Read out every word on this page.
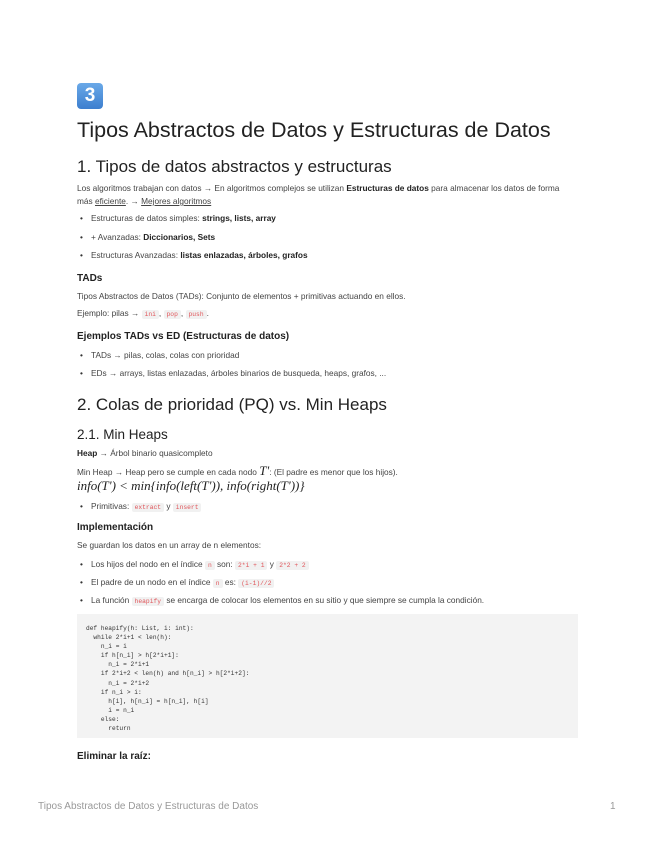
3
Tipos Abstractos de Datos y Estructuras de Datos
1. Tipos de datos abstractos y estructuras
Los algoritmos trabajan con datos → En algoritmos complejos se utilizan Estructuras de datos para almacenar los datos de forma
más eficiente. → Mejores algoritmos
• Estructuras de datos simples: strings, lists, array
• + Avanzadas: Diccionarios, Sets
• Estructuras Avanzadas: listas enlazadas, árboles, grafos
TADs
Tipos Abstractos de Datos (TADs): Conjunto de elementos + primitivas actuando en ellos.
Ejemplo: pilas → ini , pop , push .
Ejemplos TADs vs ED (Estructuras de datos)
• TADs → pilas, colas, colas con prioridad
• EDs → arrays, listas enlazadas, árboles binarios de busqueda, heaps, grafos, ...
2. Colas de prioridad (PQ) vs. Min Heaps
2.1. Min Heaps
Heap → Árbol binario quasicompleto
Min Heap → Heap pero se cumple en cada nodo T': (El padre es menor que los hijos).
info(T') < min{info(left(T')), info(right(T'))}
• Primitivas: extract y insert
Implementación
Se guardan los datos en un array de n elementos:
• Los hijos del nodo en el índice n son: 2*i + 1 y 2*2 + 2
• El padre de un nodo en el índice n es: (i-1)//2
• La función heapify se encarga de colocar los elementos en su sitio y que siempre se cumpla la condición.
def heapify(h: List, i: int):
while 2*i+1 < len(h):
n_i = i
if h[n_i] > h[2*i+1]:
n_i = 2*i+1
if 2*i+2 < len(h) and h[n_i] > h[2*i+2]:
n_i = 2*i+2
if n_i > i:
h[i], h[n_i] = h[n_i], h[i]
i = n_i
else:
return
Eliminar la raíz:
Tipos Abstractos de Datos y Estructuras de Datos	1
